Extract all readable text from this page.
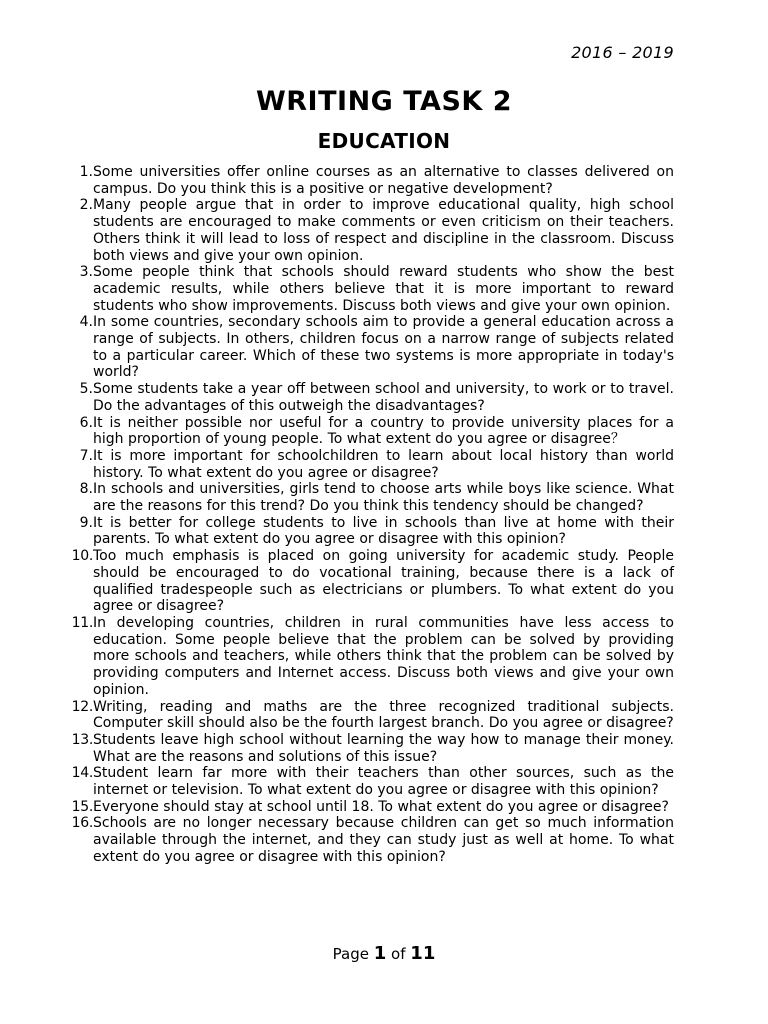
2016 – 2019
WRITING TASK 2
EDUCATION
1. Some universities offer online courses as an alternative to classes delivered on campus. Do you think this is a positive or negative development?
2. Many people argue that in order to improve educational quality, high school students are encouraged to make comments or even criticism on their teachers. Others think it will lead to loss of respect and discipline in the classroom. Discuss both views and give your own opinion.
3. Some people think that schools should reward students who show the best academic results, while others believe that it is more important to reward students who show improvements. Discuss both views and give your own opinion.
4. In some countries, secondary schools aim to provide a general education across a range of subjects. In others, children focus on a narrow range of subjects related to a particular career. Which of these two systems is more appropriate in today's world?
5. Some students take a year off between school and university, to work or to travel. Do the advantages of this outweigh the disadvantages?
6. It is neither possible nor useful for a country to provide university places for a high proportion of young people. To what extent do you agree or disagree？
7. It is more important for schoolchildren to learn about local history than world history. To what extent do you agree or disagree?
8. In schools and universities, girls tend to choose arts while boys like science. What are the reasons for this trend? Do you think this tendency should be changed?
9. It is better for college students to live in schools than live at home with their parents. To what extent do you agree or disagree with this opinion?
10. Too much emphasis is placed on going university for academic study. People should be encouraged to do vocational training, because there is a lack of qualified tradespeople such as electricians or plumbers. To what extent do you agree or disagree?
11. In developing countries, children in rural communities have less access to education. Some people believe that the problem can be solved by providing more schools and teachers, while others think that the problem can be solved by providing computers and Internet access. Discuss both views and give your own opinion.
12. Writing, reading and maths are the three recognized traditional subjects. Computer skill should also be the fourth largest branch. Do you agree or disagree?
13. Students leave high school without learning the way how to manage their money. What are the reasons and solutions of this issue?
14. Student learn far more with their teachers than other sources, such as the internet or television. To what extent do you agree or disagree with this opinion?
15. Everyone should stay at school until 18. To what extent do you agree or disagree?
16. Schools are no longer necessary because children can get so much information available through the internet, and they can study just as well at home. To what extent do you agree or disagree with this opinion?
Page 1 of 11
